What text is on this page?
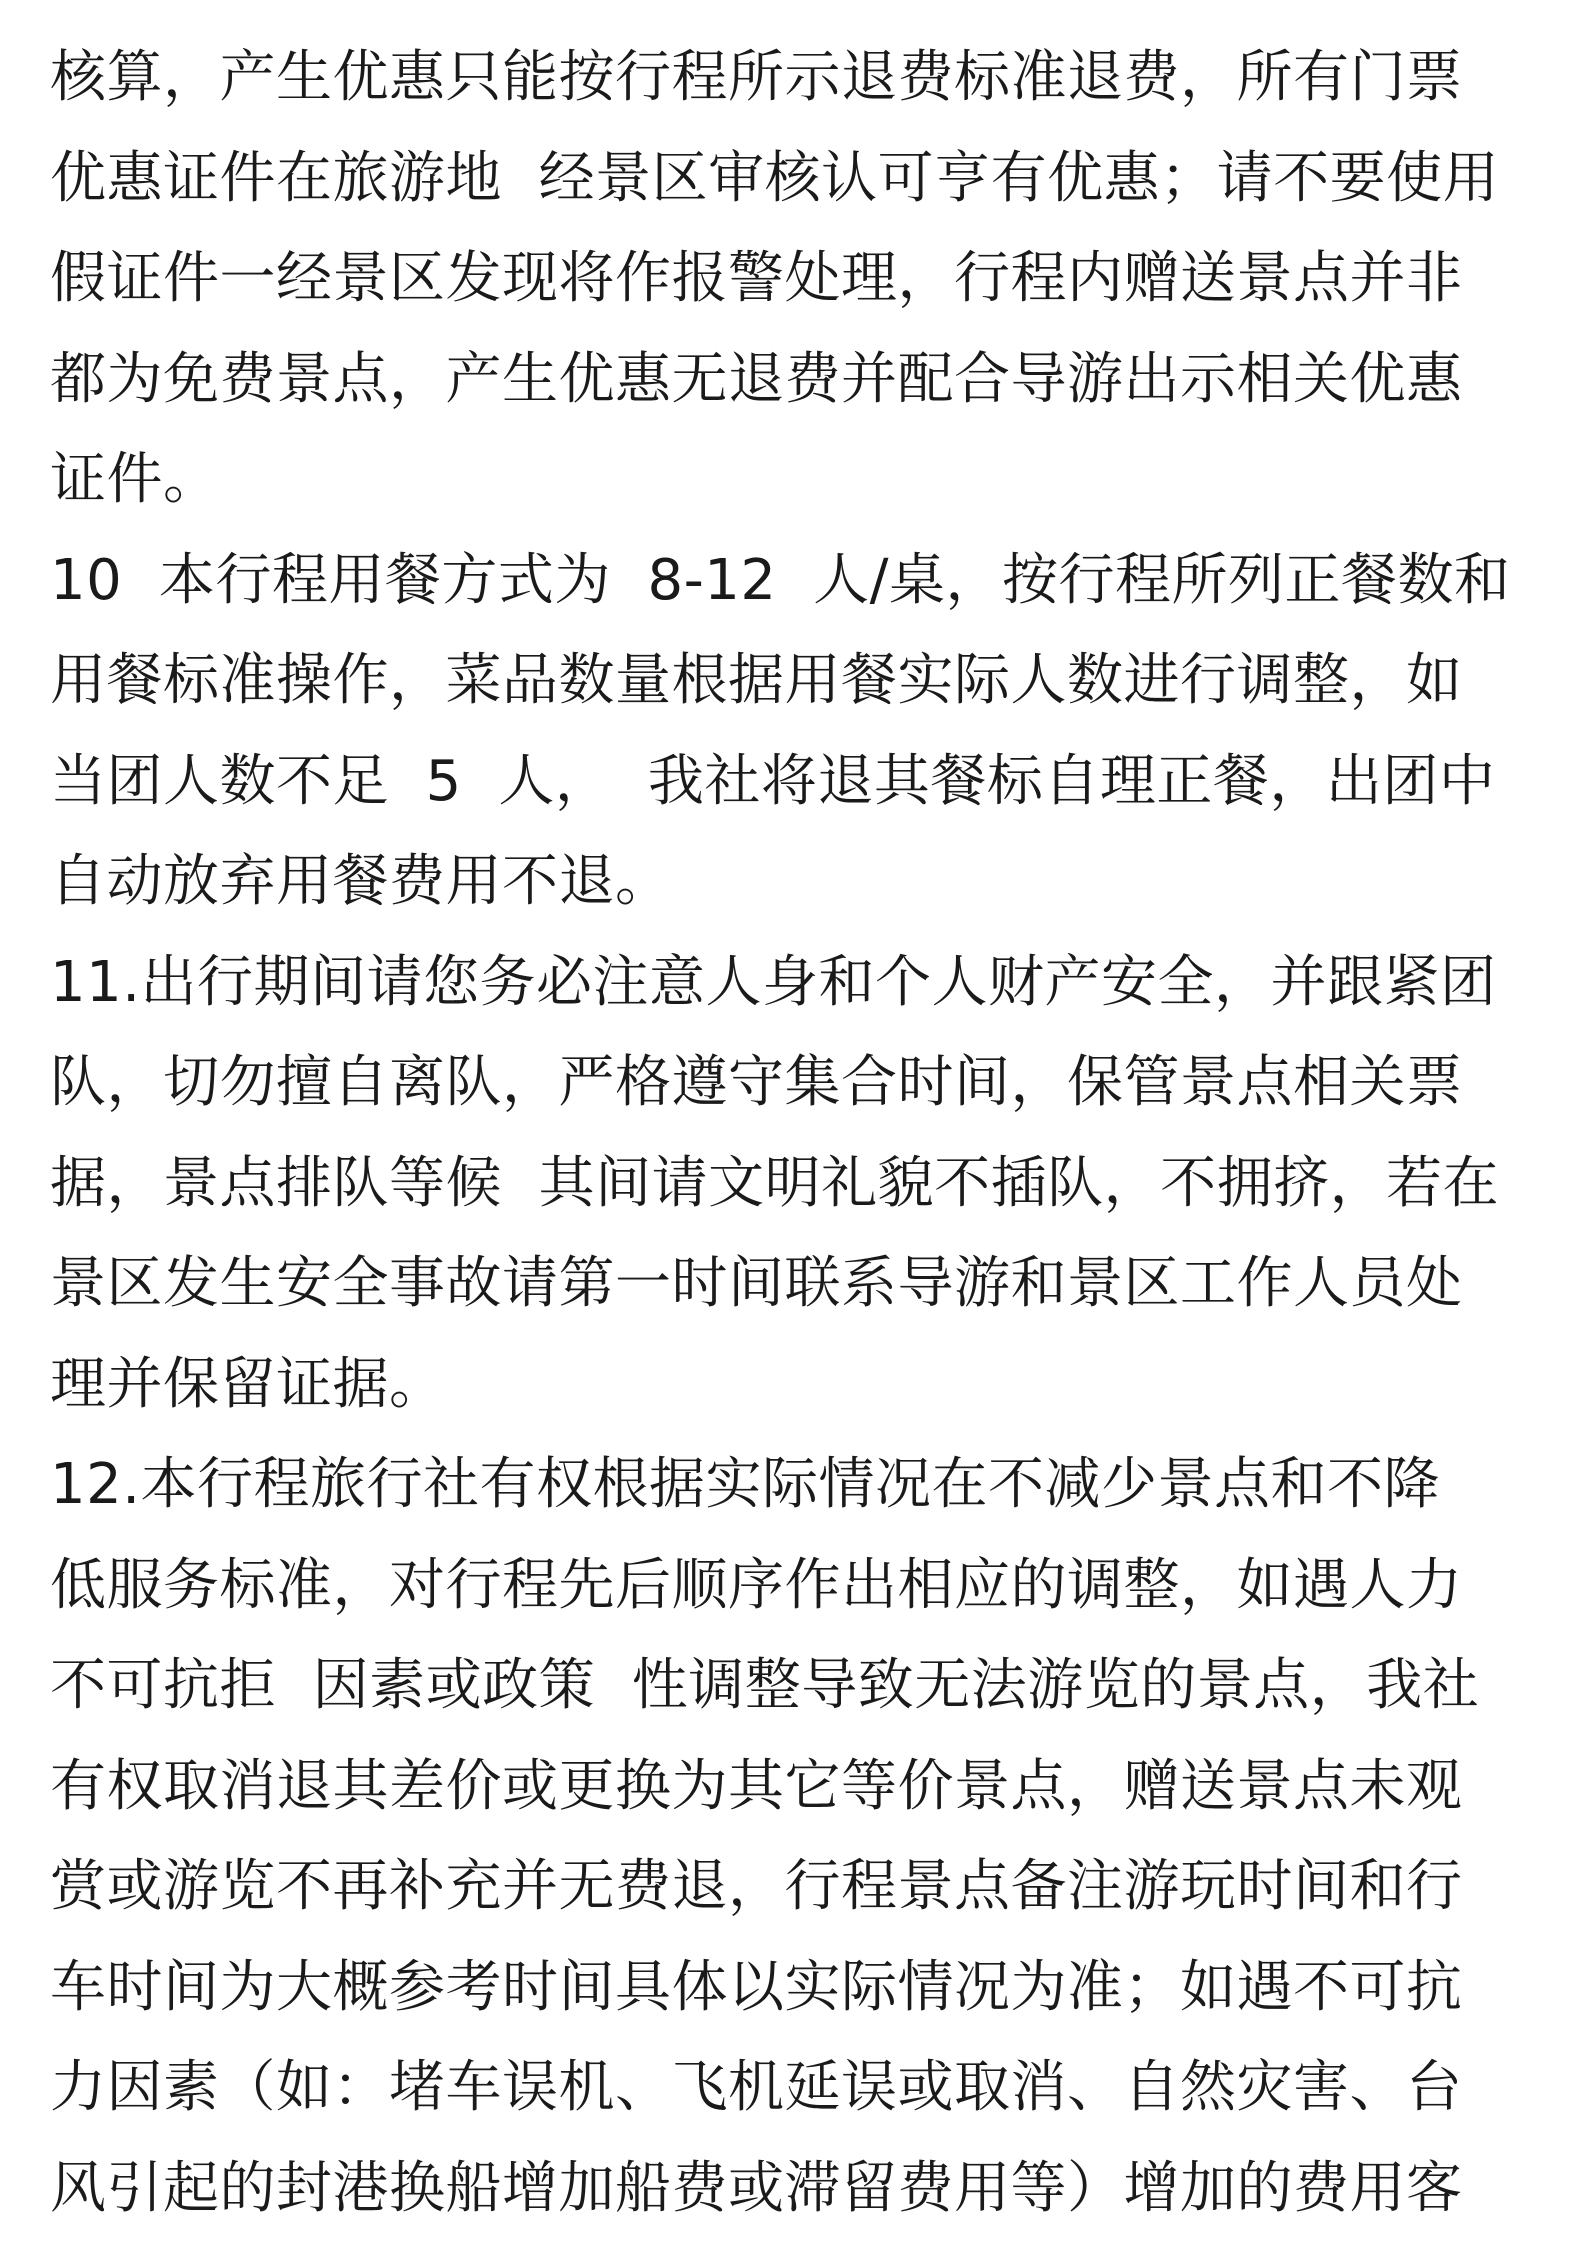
核算，产生优惠只能按行程所示退费标准退费，所有门票
优惠证件在旅游地  经景区审核认可亨有优惠；请不要使用
假证件一经景区发现将作报警处理，行程内赠送景点并非
都为免费景点，产生优惠无退费并配合导游出示相关优惠
证件。
10  本行程用餐方式为  8-12  人/桌，按行程所列正餐数和
用餐标准操作，菜品数量根据用餐实际人数进行调整，如
当团人数不足  5  人，  我社将退其餐标自理正餐，出团中
自动放弃用餐费用不退。
11.出行期间请您务必注意人身和个人财产安全，并跟紧团
队，切勿擅自离队，严格遵守集合时间，保管景点相关票
据，景点排队等候  其间请文明礼貌不插队，不拥挤，若在
景区发生安全事故请第一时间联系导游和景区工作人员处
理并保留证据。
12.本行程旅行社有权根据实际情况在不减少景点和不降
低服务标准，对行程先后顺序作出相应的调整，如遇人力
不可抗拒  因素或政策  性调整导致无法游览的景点，我社
有权取消退其差价或更换为其它等价景点，赠送景点未观
赏或游览不再补充并无费退，行程景点备注游玩时间和行
车时间为大概参考时间具体以实际情况为准；如遇不可抗
力因素（如：堵车误机、飞机延误或取消、自然灾害、台
风引起的封港换船增加船费或滞留费用等）增加的费用客
